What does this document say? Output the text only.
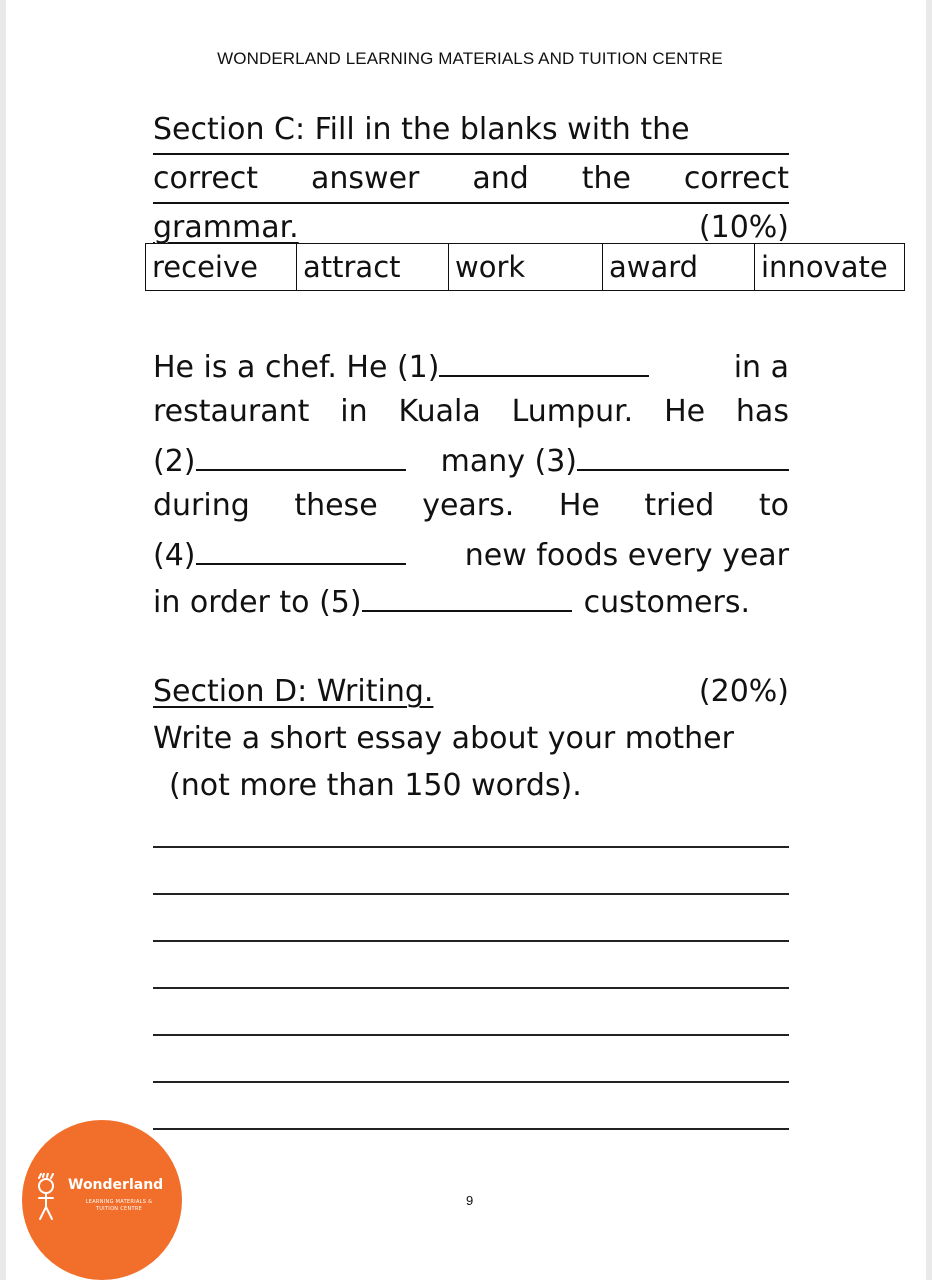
WONDERLAND LEARNING MATERIALS AND TUITION CENTRE
Section C: Fill in the blanks with the
correct answer and the correct
grammar.	(10%)
receive	attract	work	award	innovate
He is a chef. He (1)	in a
restaurant in Kuala Lumpur. He has
(2)	many (3)
during these years. He tried to
(4)	new foods every year
in order to (5)	customers.
Section D: Writing.	(20%)
Write a short essay about your mother
(not more than 150 words).
9
Wonderland
LEARNING MATERIALS &
TUITION CENTRE
